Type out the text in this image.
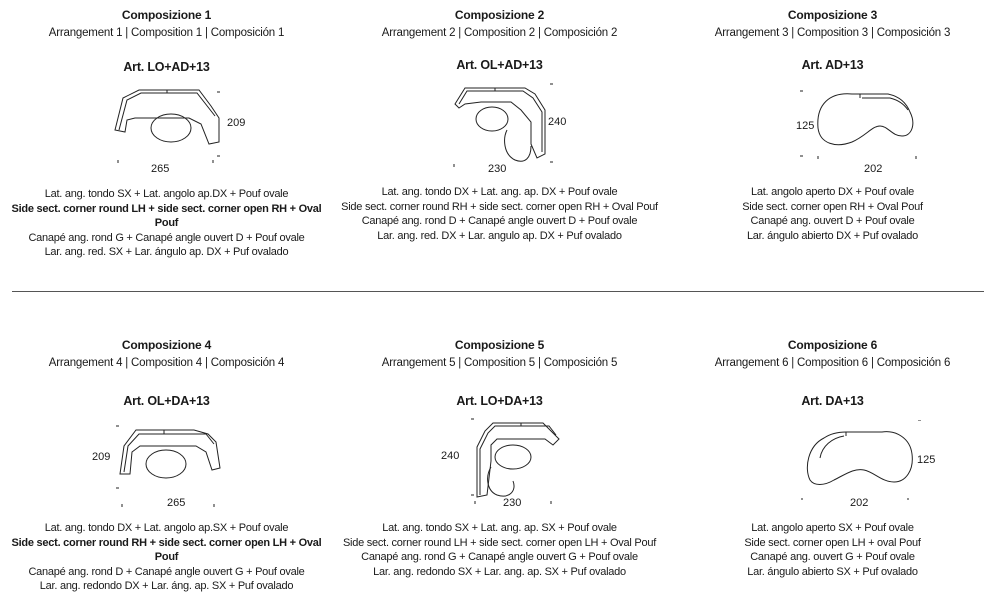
Composizione 1
Arrangement 1 | Composition 1 | Composición 1
Art. LO+AD+13
265
209
Lat. ang. tondo SX + Lat. angolo ap.DX + Pouf ovale
Side sect. corner round LH + side sect. corner open RH + Oval Pouf
Canapé ang. rond G + Canapé angle ouvert D + Pouf ovale
Lar. ang. red. SX + Lar. ángulo ap. DX + Puf ovalado
Composizione 2
Arrangement 2 | Composition 2 | Composición 2
Art. OL+AD+13
230
240
Lat. ang. tondo DX + Lat. ang. ap. DX + Pouf ovale
Side sect. corner round RH + side sect. corner open RH + Oval Pouf
Canapé ang. rond D + Canapé angle ouvert D + Pouf ovale
Lar. ang. red. DX + Lar. angulo ap. DX + Puf ovalado
Composizione 3
Arrangement 3 | Composition 3 | Composición 3
Art. AD+13
202
125
Lat. angolo aperto DX + Pouf ovale
Side sect. corner open RH + Oval Pouf
Canapé ang. ouvert D + Pouf ovale
Lar. ángulo abierto DX + Puf ovalado
Composizione 4
Arrangement 4 | Composition 4 | Composición 4
Art. OL+DA+13
265
209
Lat. ang. tondo DX + Lat. angolo ap.SX + Pouf ovale
Side sect. corner round RH + side sect. corner open LH + Oval Pouf
Canapé ang. rond D + Canapé angle ouvert G + Pouf ovale
Lar. ang. redondo DX + Lar. áng. ap. SX + Puf ovalado
Composizione 5
Arrangement 5 | Composition 5 | Composición 5
Art. LO+DA+13
230
240
Lat. ang. tondo SX + Lat. ang. ap. SX + Pouf ovale
Side sect. corner round LH + side sect. corner open LH + Oval Pouf
Canapé ang. rond G + Canapé angle ouvert G + Pouf ovale
Lar. ang. redondo SX + Lar. ang. ap. SX + Puf ovalado
Composizione 6
Arrangement 6 | Composition 6 | Composición 6
Art. DA+13
202
125
Lat. angolo aperto SX + Pouf ovale
Side sect. corner open LH + oval Pouf
Canapé ang. ouvert G + Pouf ovale
Lar. ángulo abierto SX + Puf ovalado
